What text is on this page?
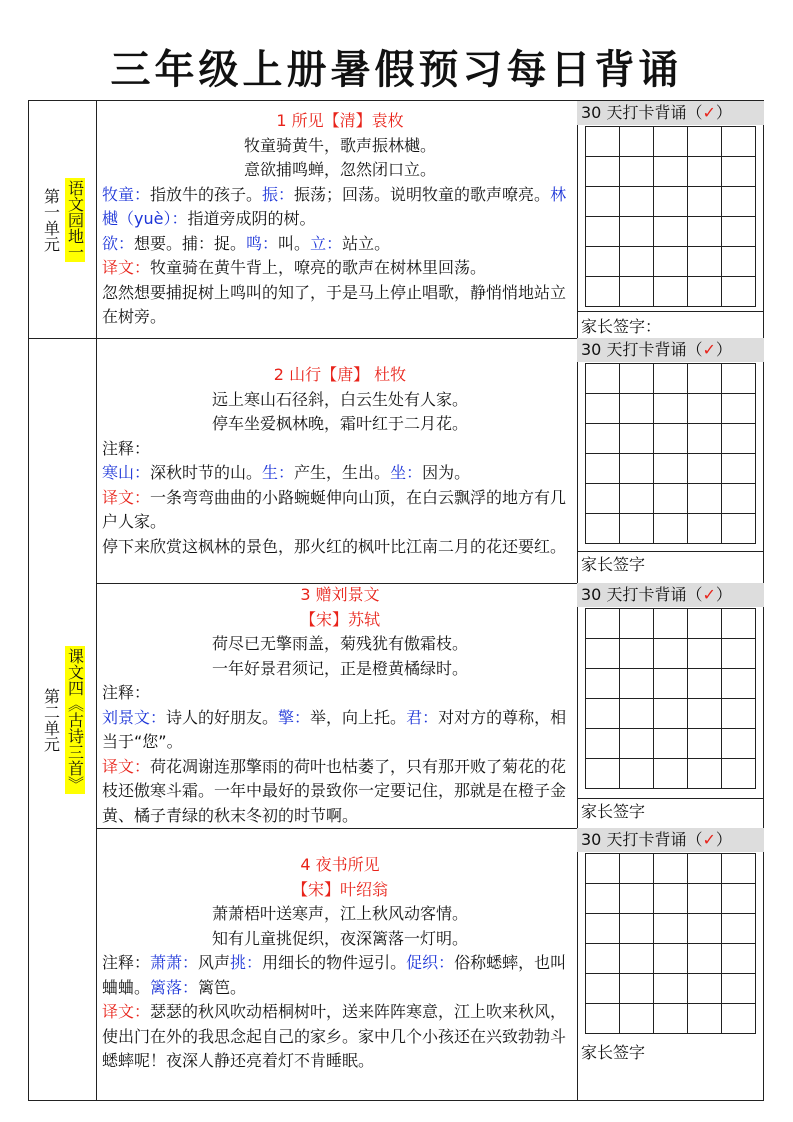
三年级上册暑假预习每日背诵
第一单元 语文园地一
第二单元 课文四《古诗三首》
1 所见【清】袁枚
牧童骑黄牛，歌声振林樾。
意欲捕鸣蝉，忽然闭口立。
牧童：指放牛的孩子。振：振荡；回荡。说明牧童的歌声嘹亮。林樾（yuè）：指道旁成阴的树。
欲：想要。捕：捉。鸣：叫。立：站立。
译文：牧童骑在黄牛背上，嘹亮的歌声在树林里回荡。
忽然想要捕捉树上鸣叫的知了，于是马上停止唱歌，静悄悄地站立在树旁。
2 山行【唐】 杜牧
远上寒山石径斜，白云生处有人家。
停车坐爱枫林晚，霜叶红于二月花。
注释：
寒山：深秋时节的山。生：产生，生出。坐：因为。
译文：一条弯弯曲曲的小路蜿蜒伸向山顶，在白云飘浮的地方有几户人家。
停下来欣赏这枫林的景色，那火红的枫叶比江南二月的花还要红。
3 赠刘景文
【宋】苏轼
荷尽已无擎雨盖，菊残犹有傲霜枝。
一年好景君须记，正是橙黄橘绿时。
注释：
刘景文：诗人的好朋友。擎：举，向上托。君：对对方的尊称，相当于“您”。
译文：荷花凋谢连那擎雨的荷叶也枯萎了，只有那开败了菊花的花枝还傲寒斗霜。一年中最好的景致你一定要记住，那就是在橙子金黄、橘子青绿的秋末冬初的时节啊。
4 夜书所见
【宋】叶绍翁
萧萧梧叶送寒声，江上秋风动客情。
知有儿童挑促织，夜深篱落一灯明。
注释：萧萧：风声挑：用细长的物件逗引。促织：俗称蟋蟀，也叫蛐蛐。篱落：篱笆。
译文：瑟瑟的秋风吹动梧桐树叶，送来阵阵寒意，江上吹来秋风，使出门在外的我思念起自己的家乡。家中几个小孩还在兴致勃勃斗蟋蟀呢！夜深人静还亮着灯不肯睡眠。
30 天打卡背诵（✓）
家长签字：
30 天打卡背诵（✓）
家长签字
30 天打卡背诵（✓）
家长签字
30 天打卡背诵（✓）
家长签字
